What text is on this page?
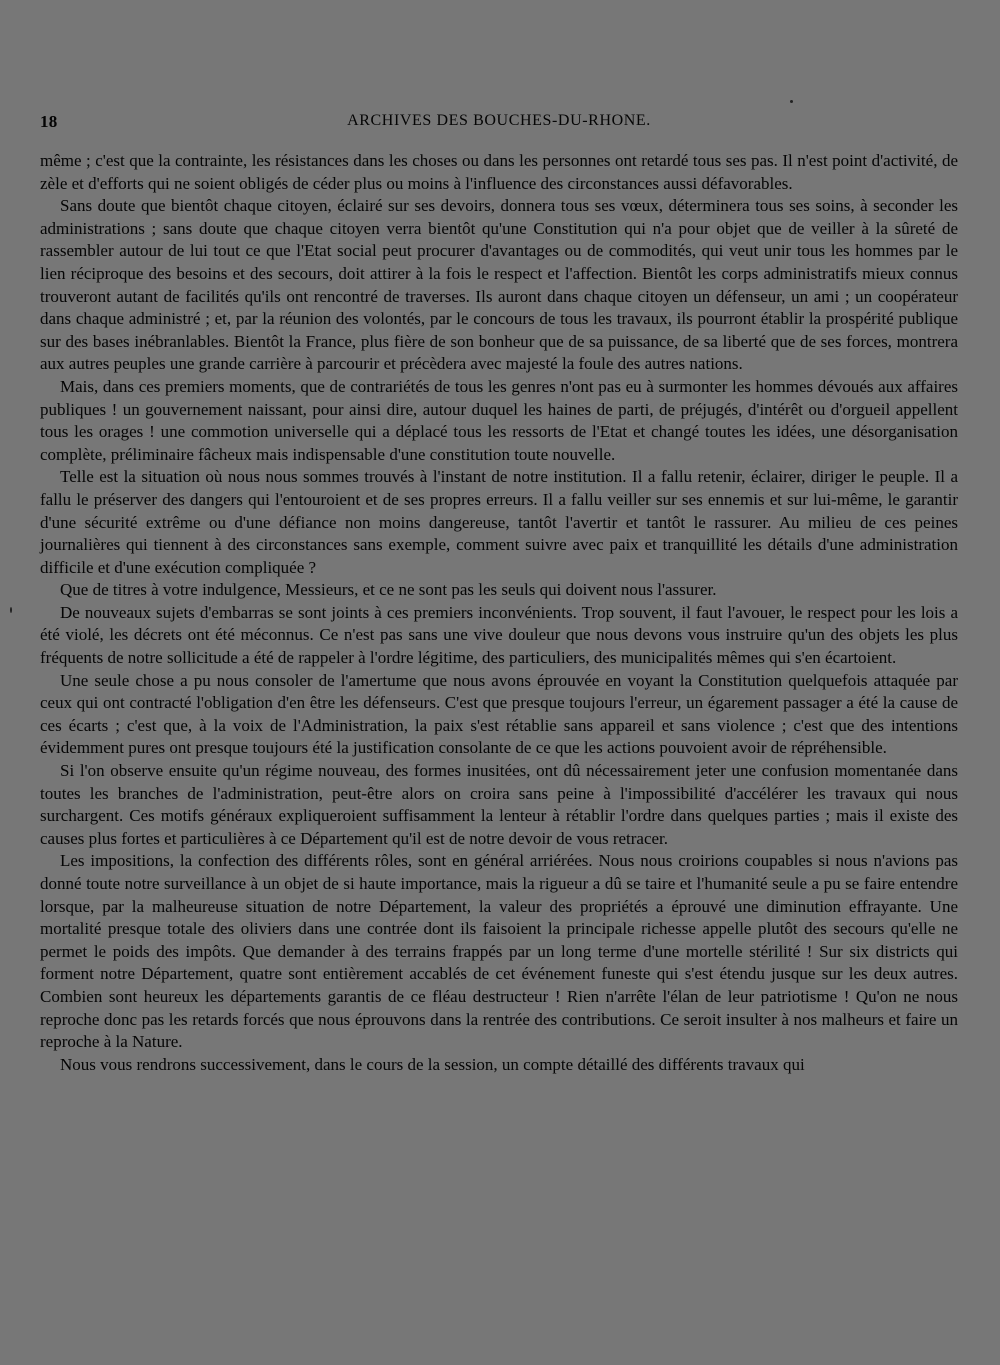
18	ARCHIVES DES BOUCHES-DU-RHONE.

même ; c'est que la contrainte, les résistances dans les choses ou dans les personnes ont retardé tous ses pas. Il n'est point d'activité, de zèle et d'efforts qui ne soient obligés de céder plus ou moins à l'influence des circonstances aussi défavorables.

Sans doute que bientôt chaque citoyen, éclairé sur ses devoirs, donnera tous ses vœux, déterminera tous ses soins, à seconder les administrations ; sans doute que chaque citoyen verra bientôt qu'une Constitution qui n'a pour objet que de veiller à la sûreté de rassembler autour de lui tout ce que l'Etat social peut procurer d'avantages ou de commodités, qui veut unir tous les hommes par le lien réciproque des besoins et des secours, doit attirer à la fois le respect et l'affection. Bientôt les corps administratifs mieux connus trouveront autant de facilités qu'ils ont rencontré de traverses. Ils auront dans chaque citoyen un défenseur, un ami ; un coopérateur dans chaque administré ; et, par la réunion des volontés, par le concours de tous les travaux, ils pourront établir la prospérité publique sur des bases inébranlables. Bientôt la France, plus fière de son bonheur que de sa puissance, de sa liberté que de ses forces, montrera aux autres peuples une grande carrière à parcourir et précèdera avec majesté la foule des autres nations.

Mais, dans ces premiers moments, que de contrariétés de tous les genres n'ont pas eu à surmonter les hommes dévoués aux affaires publiques ! un gouvernement naissant, pour ainsi dire, autour duquel les haines de parti, de préjugés, d'intérêt ou d'orgueil appellent tous les orages ! une commotion universelle qui a déplacé tous les ressorts de l'Etat et changé toutes les idées, une désorganisation complète, préliminaire fâcheux mais indispensable d'une constitution toute nouvelle.

Telle est la situation où nous nous sommes trouvés à l'instant de notre institution. Il a fallu retenir, éclairer, diriger le peuple. Il a fallu le préserver des dangers qui l'entouroient et de ses propres erreurs. Il a fallu veiller sur ses ennemis et sur lui-même, le garantir d'une sécurité extrême ou d'une défiance non moins dangereuse, tantôt l'avertir et tantôt le rassurer. Au milieu de ces peines journalières qui tiennent à des circonstances sans exemple, comment suivre avec paix et tranquillité les détails d'une administration difficile et d'une exécution compliquée ?

Que de titres à votre indulgence, Messieurs, et ce ne sont pas les seuls qui doivent nous l'assurer.

De nouveaux sujets d'embarras se sont joints à ces premiers inconvénients. Trop souvent, il faut l'avouer, le respect pour les lois a été violé, les décrets ont été méconnus. Ce n'est pas sans une vive douleur que nous devons vous instruire qu'un des objets les plus fréquents de notre sollicitude a été de rappeler à l'ordre légitime, des particuliers, des municipalités mêmes qui s'en écartoient.

Une seule chose a pu nous consoler de l'amertume que nous avons éprouvée en voyant la Constitution quelquefois attaquée par ceux qui ont contracté l'obligation d'en être les défenseurs. C'est que presque toujours l'erreur, un égarement passager a été la cause de ces écarts ; c'est que, à la voix de l'Administration, la paix s'est rétablie sans appareil et sans violence ; c'est que des intentions évidemment pures ont presque toujours été la justification consolante de ce que les actions pouvoient avoir de répréhensible.

Si l'on observe ensuite qu'un régime nouveau, des formes inusitées, ont dû nécessairement jeter une confusion momentanée dans toutes les branches de l'administration, peut-être alors on croira sans peine à l'impossibilité d'accélérer les travaux qui nous surchargent. Ces motifs généraux expliqueroient suffisamment la lenteur à rétablir l'ordre dans quelques parties ; mais il existe des causes plus fortes et particulières à ce Département qu'il est de notre devoir de vous retracer.

Les impositions, la confection des différents rôles, sont en général arriérées. Nous nous croirions coupables si nous n'avions pas donné toute notre surveillance à un objet de si haute importance, mais la rigueur a dû se taire et l'humanité seule a pu se faire entendre lorsque, par la malheureuse situation de notre Département, la valeur des propriétés a éprouvé une diminution effrayante. Une mortalité presque totale des oliviers dans une contrée dont ils faisoient la principale richesse appelle plutôt des secours qu'elle ne permet le poids des impôts. Que demander à des terrains frappés par un long terme d'une mortelle stérilité ! Sur six districts qui forment notre Département, quatre sont entièrement accablés de cet événement funeste qui s'est étendu jusque sur les deux autres. Combien sont heureux les départements garantis de ce fléau destructeur ! Rien n'arrête l'élan de leur patriotisme ! Qu'on ne nous reproche donc pas les retards forcés que nous éprouvons dans la rentrée des contributions. Ce seroit insulter à nos malheurs et faire un reproche à la Nature.

Nous vous rendrons successivement, dans le cours de la session, un compte détaillé des différents travaux qui
